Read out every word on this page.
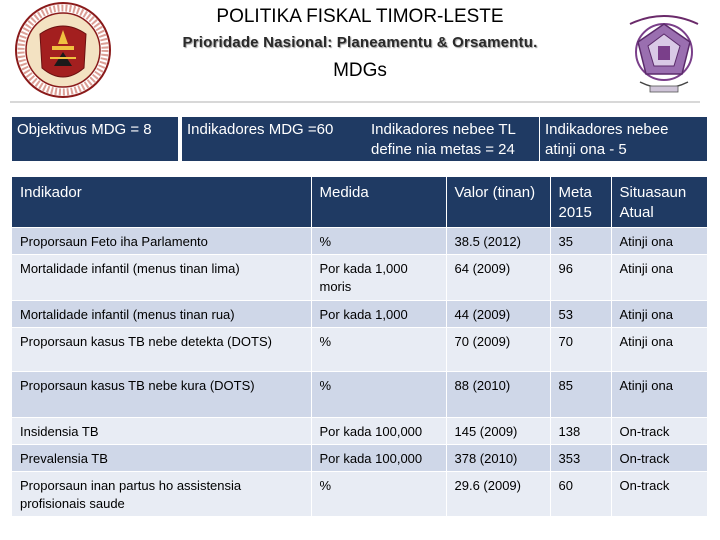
POLITIKA FISKAL TIMOR-LESTE
Prioridade Nasional: Planeamentu & Orsamentu.
MDGs
Objektivus MDG = 8	Indikadores MDG =60	Indikadores nebee TL define nia metas = 24
Indikadores nebee atinji ona - 5
Indikador	Medida	Valor (tinan)	Meta 2015	Situasaun Atual
Proporsaun Feto iha Parlamento	%	38.5 (2012)	35	Atinji ona
Mortalidade infantil (menus tinan lima)	Por kada 1,000 moris	64 (2009)	96	Atinji ona
Mortalidade infantil (menus tinan rua)	Por kada 1,000	44 (2009)	53	Atinji ona
Proporsaun kasus TB nebe detekta (DOTS)	%	70 (2009)	70	Atinji ona
Proporsaun kasus TB nebe kura (DOTS)	%	88 (2010)	85	Atinji ona
Insidensia TB	Por kada 100,000	145 (2009)	138	On-track
Prevalensia TB	Por kada 100,000	378 (2010)	353	On-track
Proporsaun inan partus ho assistensia profisionais saude	%	29.6 (2009)	60	On-track
